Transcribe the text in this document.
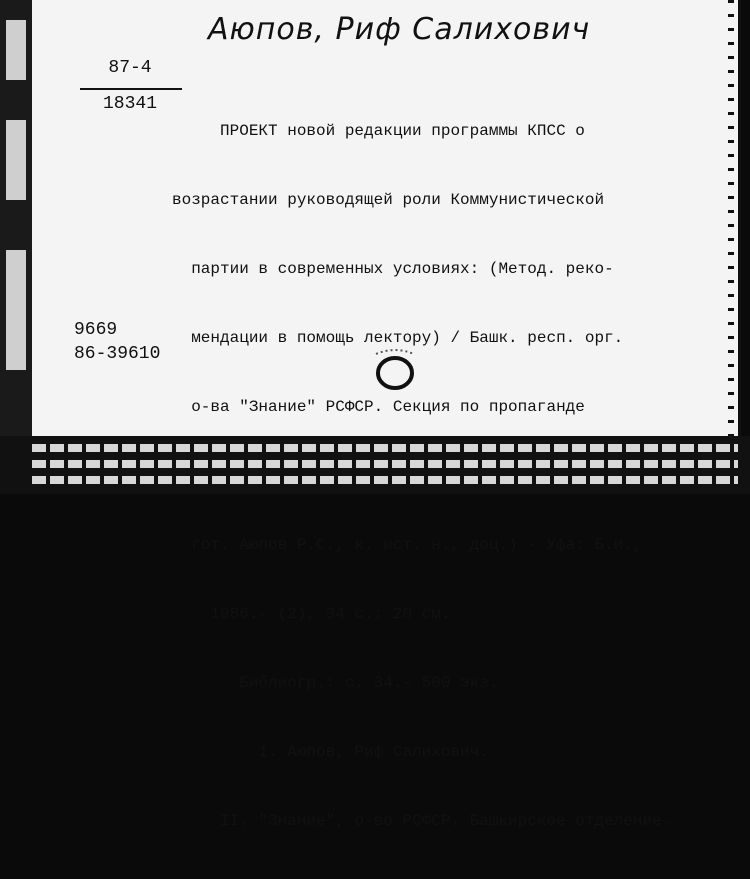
Аюпов, Риф Салихович
87-4
18341

ПРОЕКТ новой редакции программы КПСС о

возрастании руководящей роли Коммунистической

партии в современных условиях: (Метод. реко-

мендации в помощь лектору) / Башк. респ. орг.

о-ва "Знание" РСФСР. Секция по пропаганде

гот. Аюпов Р.С., к. ист. н., доц.) - Уфа: Б.и.,

1986.- (2), 34 с.; 20 см.

Библиогр.: с. 34.- 500 экз.

1. Аюпов, Риф Салихович.

II. "Знание", о-во РСФСР. Башкирское отделение.

9669
86-39610
